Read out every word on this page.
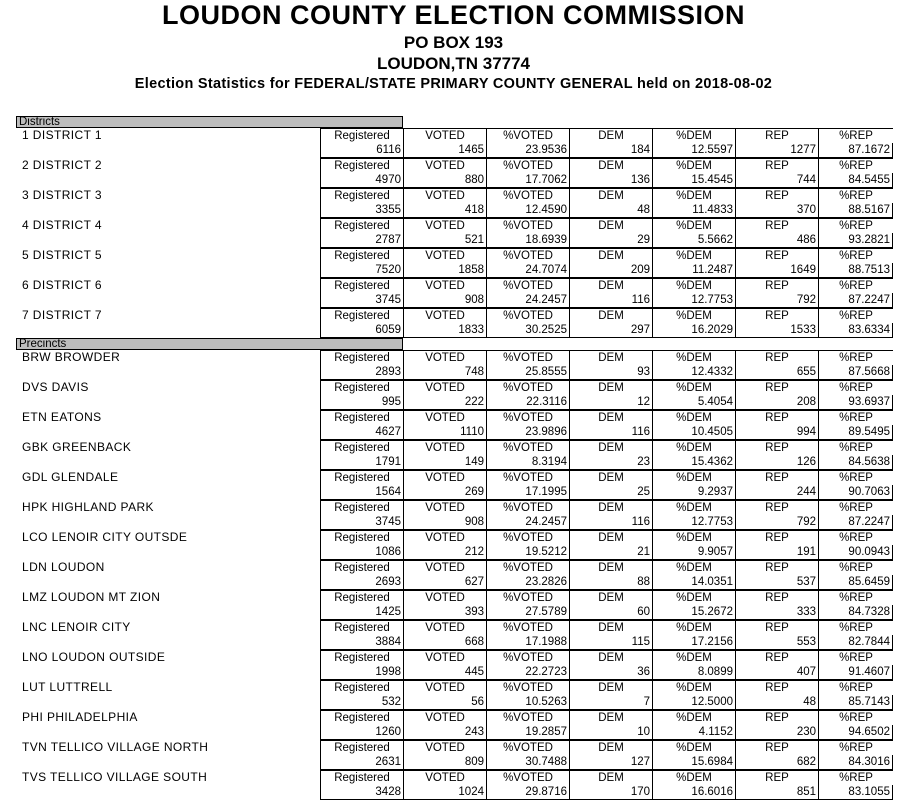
LOUDON COUNTY ELECTION COMMISSION
PO BOX 193
LOUDON,TN 37774
Election Statistics for FEDERAL/STATE PRIMARY COUNTY GENERAL held on 2018-08-02
Districts
1 DISTRICT 1	Registered	VOTED	%VOTED	DEM	%DEM	REP	%REP
6116	1465	23.9536	184	12.5597	1277	87.1672
2 DISTRICT 2	Registered	VOTED	%VOTED	DEM	%DEM	REP	%REP
4970	880	17.7062	136	15.4545	744	84.5455
3 DISTRICT 3	Registered	VOTED	%VOTED	DEM	%DEM	REP	%REP
3355	418	12.4590	48	11.4833	370	88.5167
4 DISTRICT 4	Registered	VOTED	%VOTED	DEM	%DEM	REP	%REP
2787	521	18.6939	29	5.5662	486	93.2821
5 DISTRICT 5	Registered	VOTED	%VOTED	DEM	%DEM	REP	%REP
7520	1858	24.7074	209	11.2487	1649	88.7513
6 DISTRICT 6	Registered	VOTED	%VOTED	DEM	%DEM	REP	%REP
3745	908	24.2457	116	12.7753	792	87.2247
7 DISTRICT 7	Registered	VOTED	%VOTED	DEM	%DEM	REP	%REP
6059	1833	30.2525	297	16.2029	1533	83.6334
Precincts
BRW BROWDER	Registered	VOTED	%VOTED	DEM	%DEM	REP	%REP
2893	748	25.8555	93	12.4332	655	87.5668
DVS DAVIS	Registered	VOTED	%VOTED	DEM	%DEM	REP	%REP
995	222	22.3116	12	5.4054	208	93.6937
ETN EATONS	Registered	VOTED	%VOTED	DEM	%DEM	REP	%REP
4627	1110	23.9896	116	10.4505	994	89.5495
GBK GREENBACK	Registered	VOTED	%VOTED	DEM	%DEM	REP	%REP
1791	149	8.3194	23	15.4362	126	84.5638
GDL GLENDALE	Registered	VOTED	%VOTED	DEM	%DEM	REP	%REP
1564	269	17.1995	25	9.2937	244	90.7063
HPK HIGHLAND PARK	Registered	VOTED	%VOTED	DEM	%DEM	REP	%REP
3745	908	24.2457	116	12.7753	792	87.2247
LCO LENOIR CITY OUTSDE	Registered	VOTED	%VOTED	DEM	%DEM	REP	%REP
1086	212	19.5212	21	9.9057	191	90.0943
LDN LOUDON	Registered	VOTED	%VOTED	DEM	%DEM	REP	%REP
2693	627	23.2826	88	14.0351	537	85.6459
LMZ LOUDON MT ZION	Registered	VOTED	%VOTED	DEM	%DEM	REP	%REP
1425	393	27.5789	60	15.2672	333	84.7328
LNC LENOIR CITY	Registered	VOTED	%VOTED	DEM	%DEM	REP	%REP
3884	668	17.1988	115	17.2156	553	82.7844
LNO LOUDON OUTSIDE	Registered	VOTED	%VOTED	DEM	%DEM	REP	%REP
1998	445	22.2723	36	8.0899	407	91.4607
LUT LUTTRELL	Registered	VOTED	%VOTED	DEM	%DEM	REP	%REP
532	56	10.5263	7	12.5000	48	85.7143
PHI PHILADELPHIA	Registered	VOTED	%VOTED	DEM	%DEM	REP	%REP
1260	243	19.2857	10	4.1152	230	94.6502
TVN TELLICO VILLAGE NORTH	Registered	VOTED	%VOTED	DEM	%DEM	REP	%REP
2631	809	30.7488	127	15.6984	682	84.3016
TVS TELLICO VILLAGE SOUTH	Registered	VOTED	%VOTED	DEM	%DEM	REP	%REP
3428	1024	29.8716	170	16.6016	851	83.1055
